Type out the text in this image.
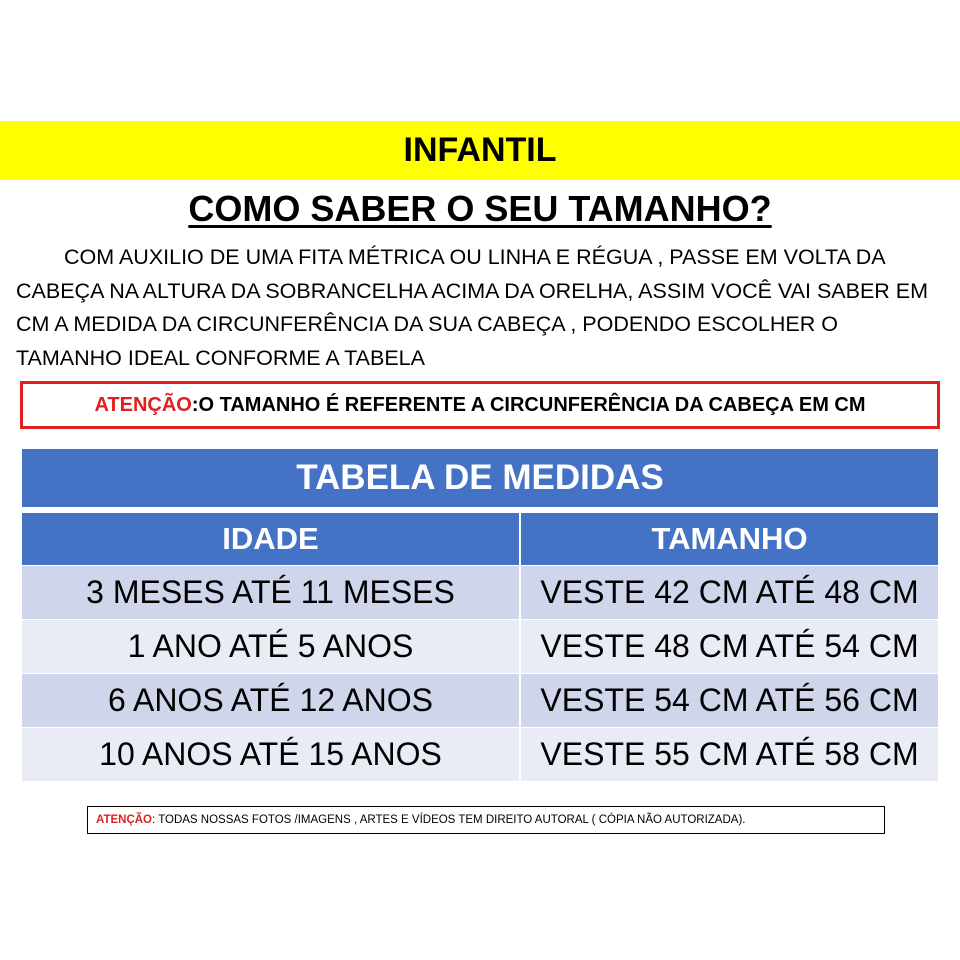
INFANTIL
COMO SABER O SEU TAMANHO?

COM AUXILIO DE UMA FITA MÉTRICA OU LINHA E RÉGUA , PASSE EM VOLTA DA CABEÇA NA ALTURA DA SOBRANCELHA ACIMA DA ORELHA, ASSIM VOCÊ VAI SABER EM CM A MEDIDA DA CIRCUNFERÊNCIA DA SUA CABEÇA , PODENDO ESCOLHER O TAMANHO IDEAL CONFORME A TABELA

ATENÇÃO :O TAMANHO É REFERENTE A CIRCUNFERÊNCIA DA CABEÇA EM CM
TABELA DE MEDIDAS
IDADE	TAMANHO
3 MESES ATÉ 11 MESES	VESTE 42 CM ATÉ 48 CM
1 ANO ATÉ 5 ANOS	VESTE 48 CM ATÉ 54 CM
6 ANOS ATÉ 12 ANOS	VESTE 54 CM ATÉ 56 CM
10 ANOS ATÉ 15 ANOS	VESTE 55 CM ATÉ 58 CM
ATENÇÃO : TODAS NOSSAS FOTOS /IMAGENS , ARTES E VÍDEOS TEM DIREITO AUTORAL ( CÓPIA NÃO AUTORIZADA).
